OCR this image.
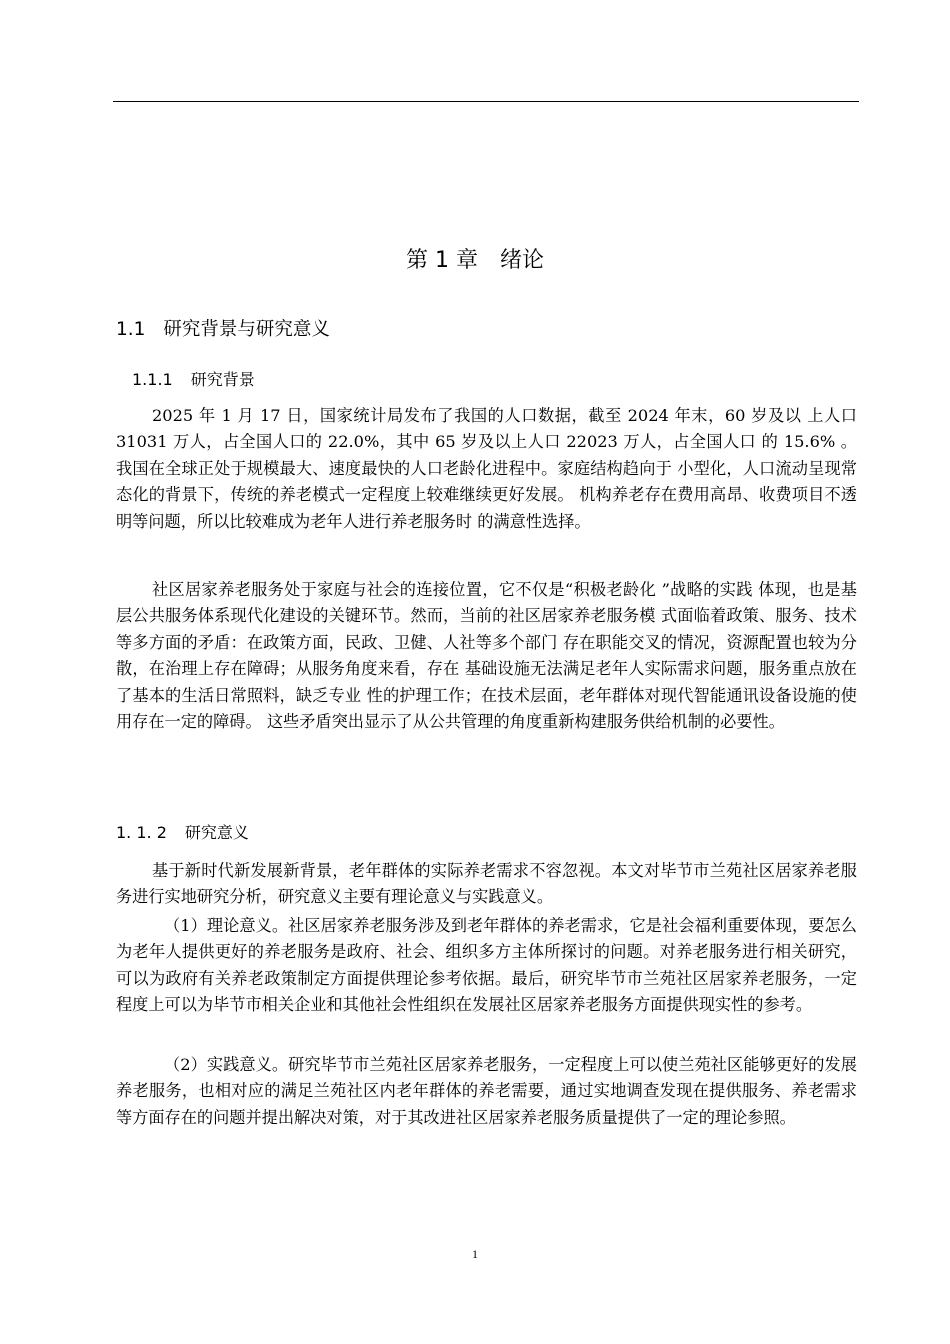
第 1 章　绪论
1.1 研究背景与研究意义
1.1.1 研究背景

2025 年 1 月 17 日，国家统计局发布了我国的人口数据，截至 2024 年末，60 岁及以 上人口 31031 万人，占全国人口的 22.0%，其中 65 岁及以上人口 22023 万人，占全国人口 的 15.6% 。我国在全球正处于规模最大、速度最快的人口老龄化进程中。家庭结构趋向于 小型化，人口流动呈现常态化的背景下，传统的养老模式一定程度上较难继续更好发展。 机构养老存在费用高昂、收费项目不透明等问题，所以比较难成为老年人进行养老服务时 的满意性选择。

社区居家养老服务处于家庭与社会的连接位置，它不仅是“积极老龄化 ”战略的实践 体现，也是基层公共服务体系现代化建设的关键环节。然而，当前的社区居家养老服务模 式面临着政策、服务、技术等多方面的矛盾：在政策方面，民政、卫健、人社等多个部门 存在职能交叉的情况，资源配置也较为分散，在治理上存在障碍；从服务角度来看，存在 基础设施无法满足老年人实际需求问题，服务重点放在了基本的生活日常照料，缺乏专业 性的护理工作；在技术层面，老年群体对现代智能通讯设备设施的使用存在一定的障碍。 这些矛盾突出显示了从公共管理的角度重新构建服务供给机制的必要性。

1. 1. 2 研究意义

基于新时代新发展新背景，老年群体的实际养老需求不容忽视。本文对毕节市兰苑社区居家养老服务进行实地研究分析，研究意义主要有理论意义与实践意义。

（1）理论意义。社区居家养老服务涉及到老年群体的养老需求，它是社会福利重要体现，要怎么为老年人提供更好的养老服务是政府、社会、组织多方主体所探讨的问题。对养老服务进行相关研究，可以为政府有关养老政策制定方面提供理论参考依据。最后，研究毕节市兰苑社区居家养老服务，一定程度上可以为毕节市相关企业和其他社会性组织在发展社区居家养老服务方面提供现实性的参考。

（2）实践意义。研究毕节市兰苑社区居家养老服务，一定程度上可以使兰苑社区能够更好的发展养老服务，也相对应的满足兰苑社区内老年群体的养老需要，通过实地调查发现在提供服务、养老需求等方面存在的问题并提出解决对策，对于其改进社区居家养老服务质量提供了一定的理论参照。

1
